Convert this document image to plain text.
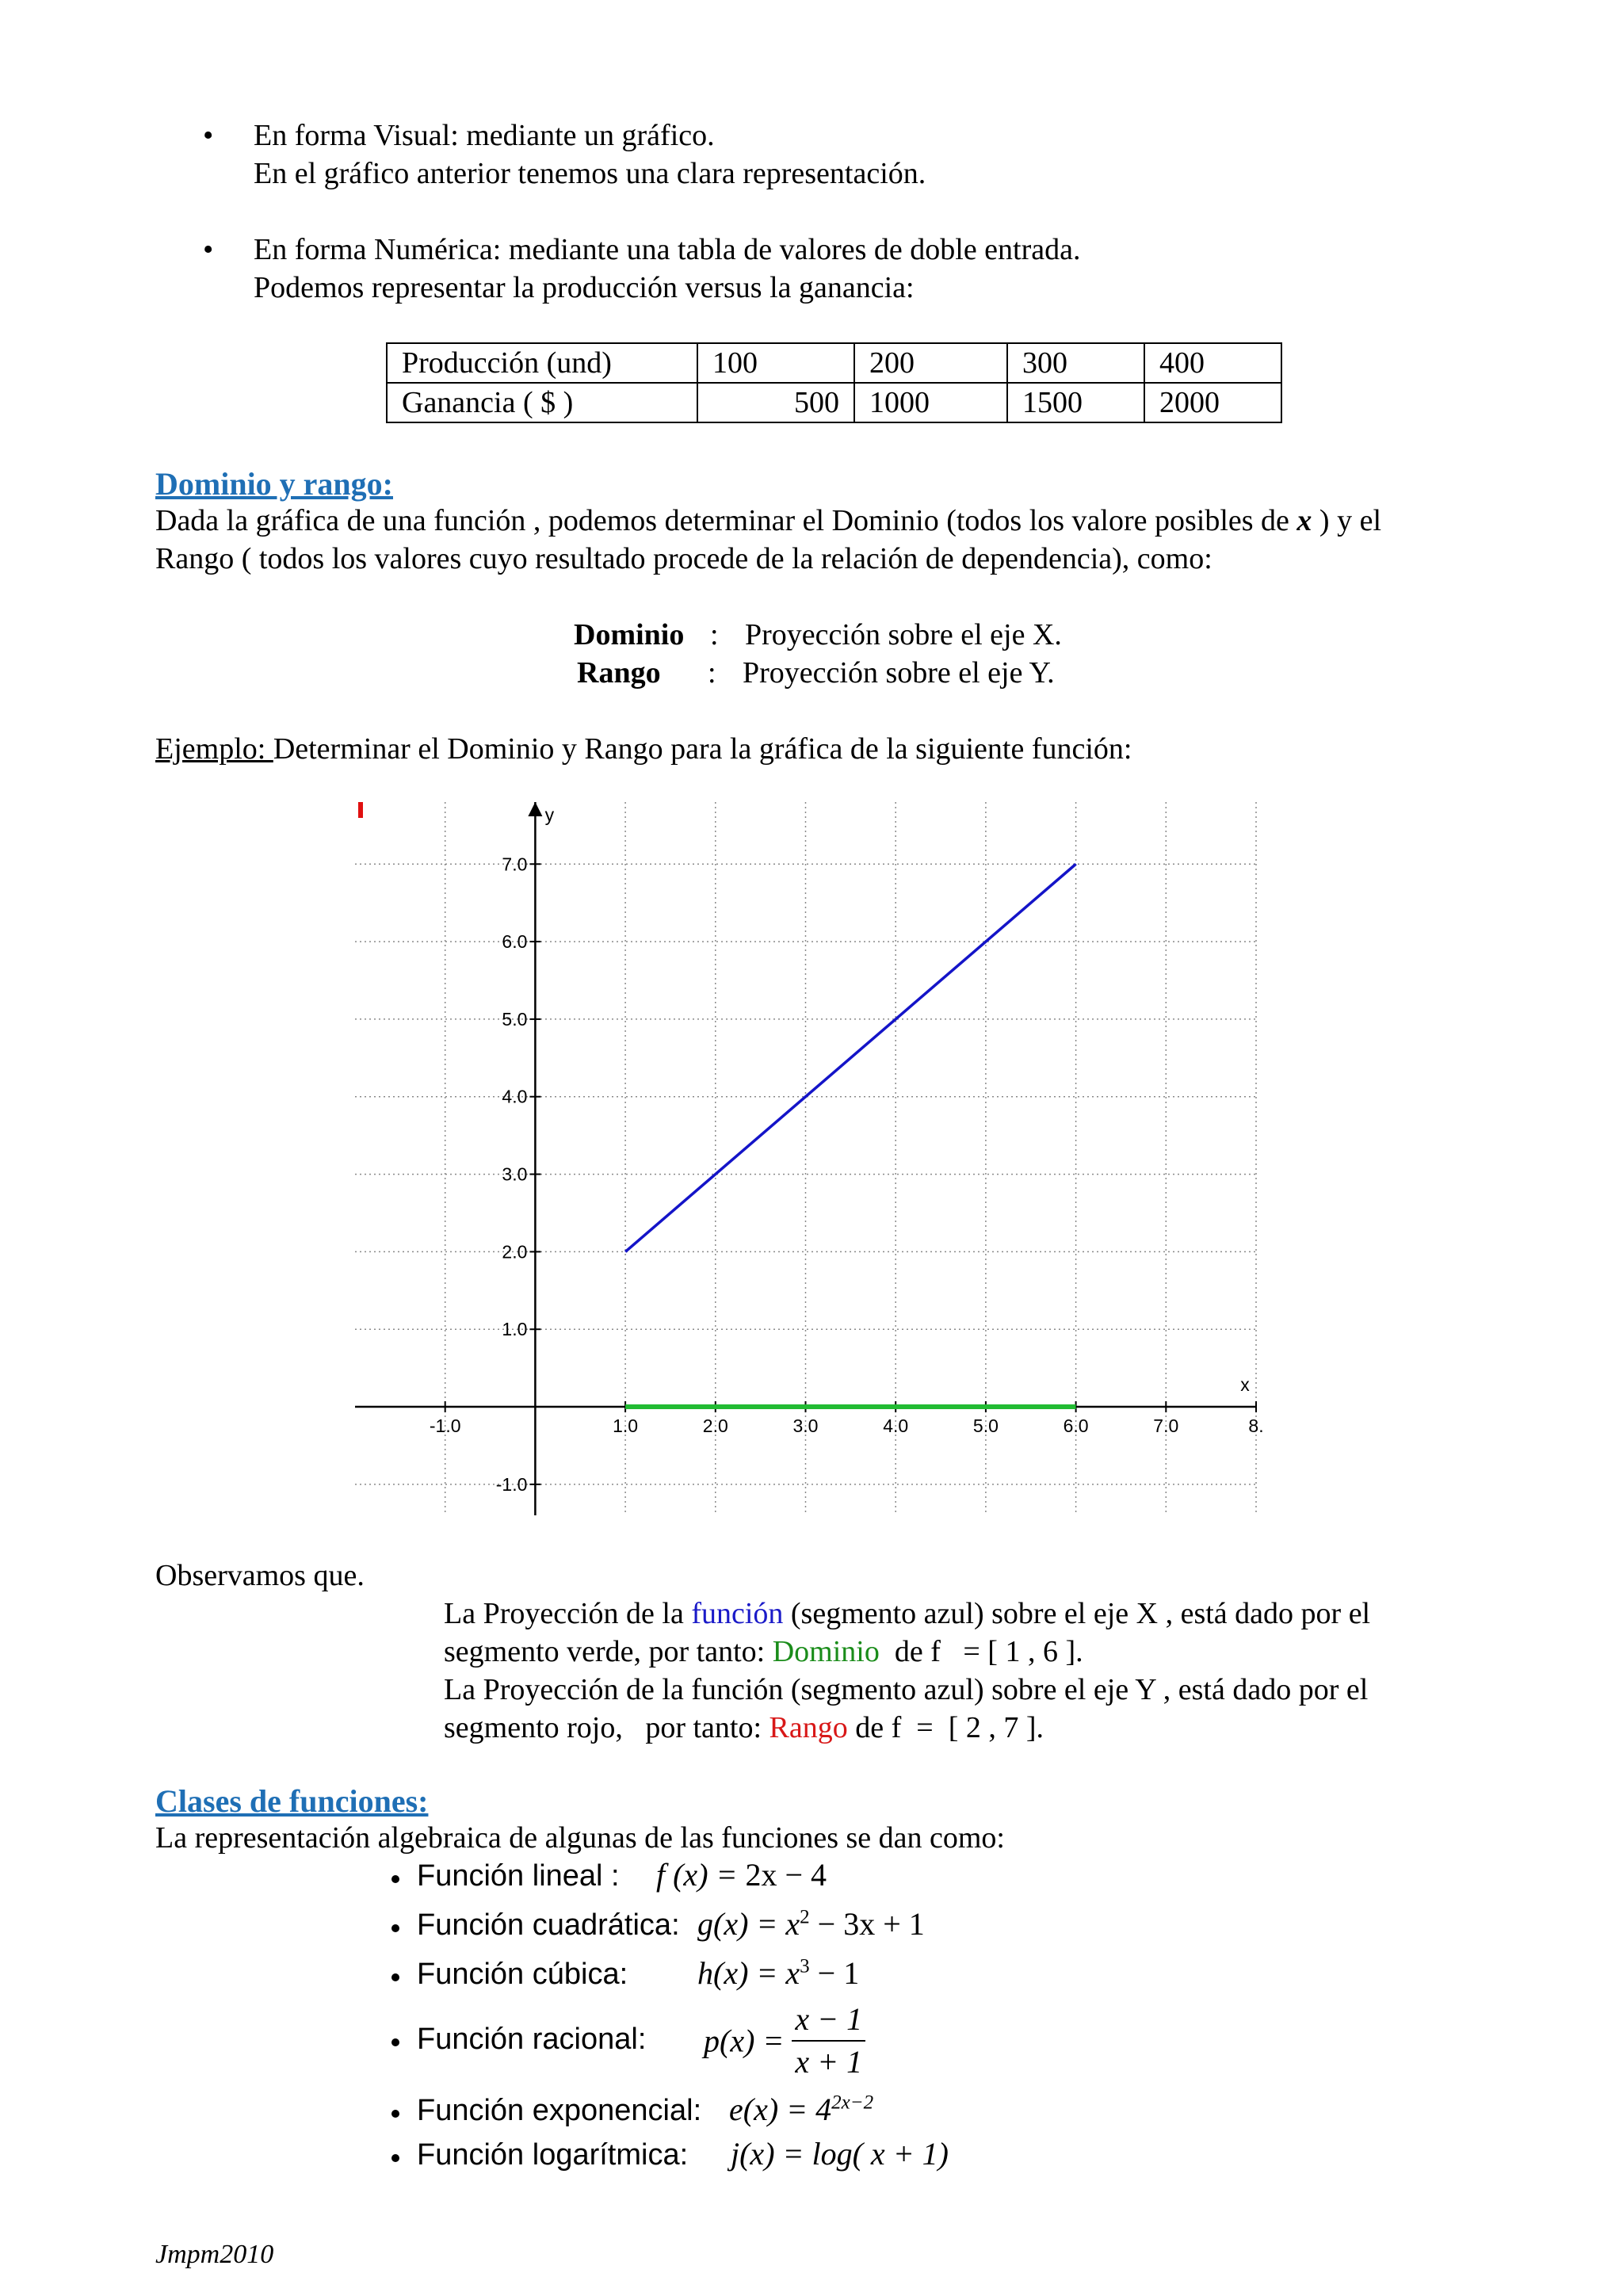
• En forma Visual: mediante un gráfico.
En el gráfico anterior tenemos una clara representación.
• En forma Numérica: mediante una tabla de valores de doble entrada.
Podemos representar la producción versus la ganancia:
Producción (und)	100	200	300	400
Ganancia ( $ )	500	1000	1500	2000
Dominio y rango:
Dada la gráfica de una función , podemos determinar el Dominio (todos los valore posibles de x ) y el
Rango ( todos los valores cuyo resultado procede de la relación de dependencia), como:
Dominio : Proyección sobre el eje X.
Rango : Proyección sobre el eje Y.
Ejemplo: Determinar el Dominio y Rango para la gráfica de la siguiente función:
-1.0	1.0	2.0	3.0	4.0	5.0	6.0	7.0	8.
7.0
6.0
5.0
4.0
3.0
2.0
1.0
-1.0
x
y
Observamos que.
La Proyección de la función (segmento azul) sobre el eje X , está dado por el
segmento verde, por tanto: Dominio  de f   = [ 1 , 6 ].
La Proyección de la función (segmento azul) sobre el eje Y , está dado por el
segmento rojo,   por tanto: Rango de f  =  [ 2 , 7 ].
Clases de funciones:
La representación algebraica de algunas de las funciones se dan como:
Función lineal : f (x) = 2x − 4
Función cuadrática: $g(x) = x^2 - 3x + 1$
Función cúbica: $h(x) = x^3 - 1$
Función racional: $p(x) = \frac{x - 1}{x + 1}$
Función exponencial: $e(x) = 4^{2x-2}$
Función logarítmica: j(x) = log( x + 1)
Jmpm2010
